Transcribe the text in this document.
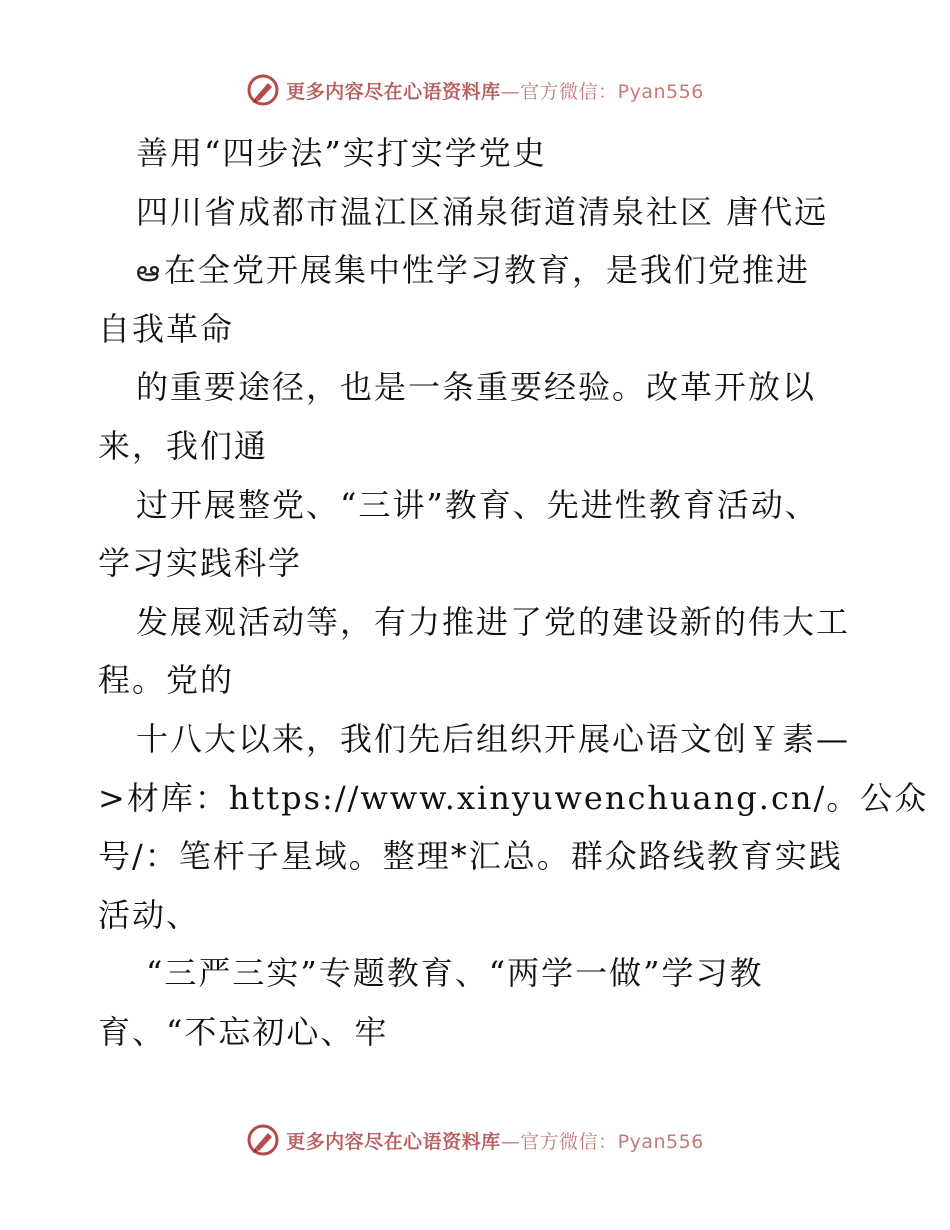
更多内容尽在心语资料库—官方微信：Pyan556
善用“四步法”实打实学党史
四川省成都市温江区涌泉街道清泉社区 唐代远
ఆ在全党开展集中性学习教育，是我们党推进
自我革命
的重要途径，也是一条重要经验。改革开放以
来，我们通
过开展整党、“三讲”教育、先进性教育活动、
学习实践科学
发展观活动等，有力推进了党的建设新的伟大工
程。党的
十八大以来，我们先后组织开展心语文创￥素—
>材库：https://www.xinyuwenchuang.cn/。公众
号/：笔杆子星域。整理*汇总。群众路线教育实践
活动、
“三严三实”专题教育、“两学一做”学习教
育、“不忘初心、牢
更多内容尽在心语资料库—官方微信：Pyan556
